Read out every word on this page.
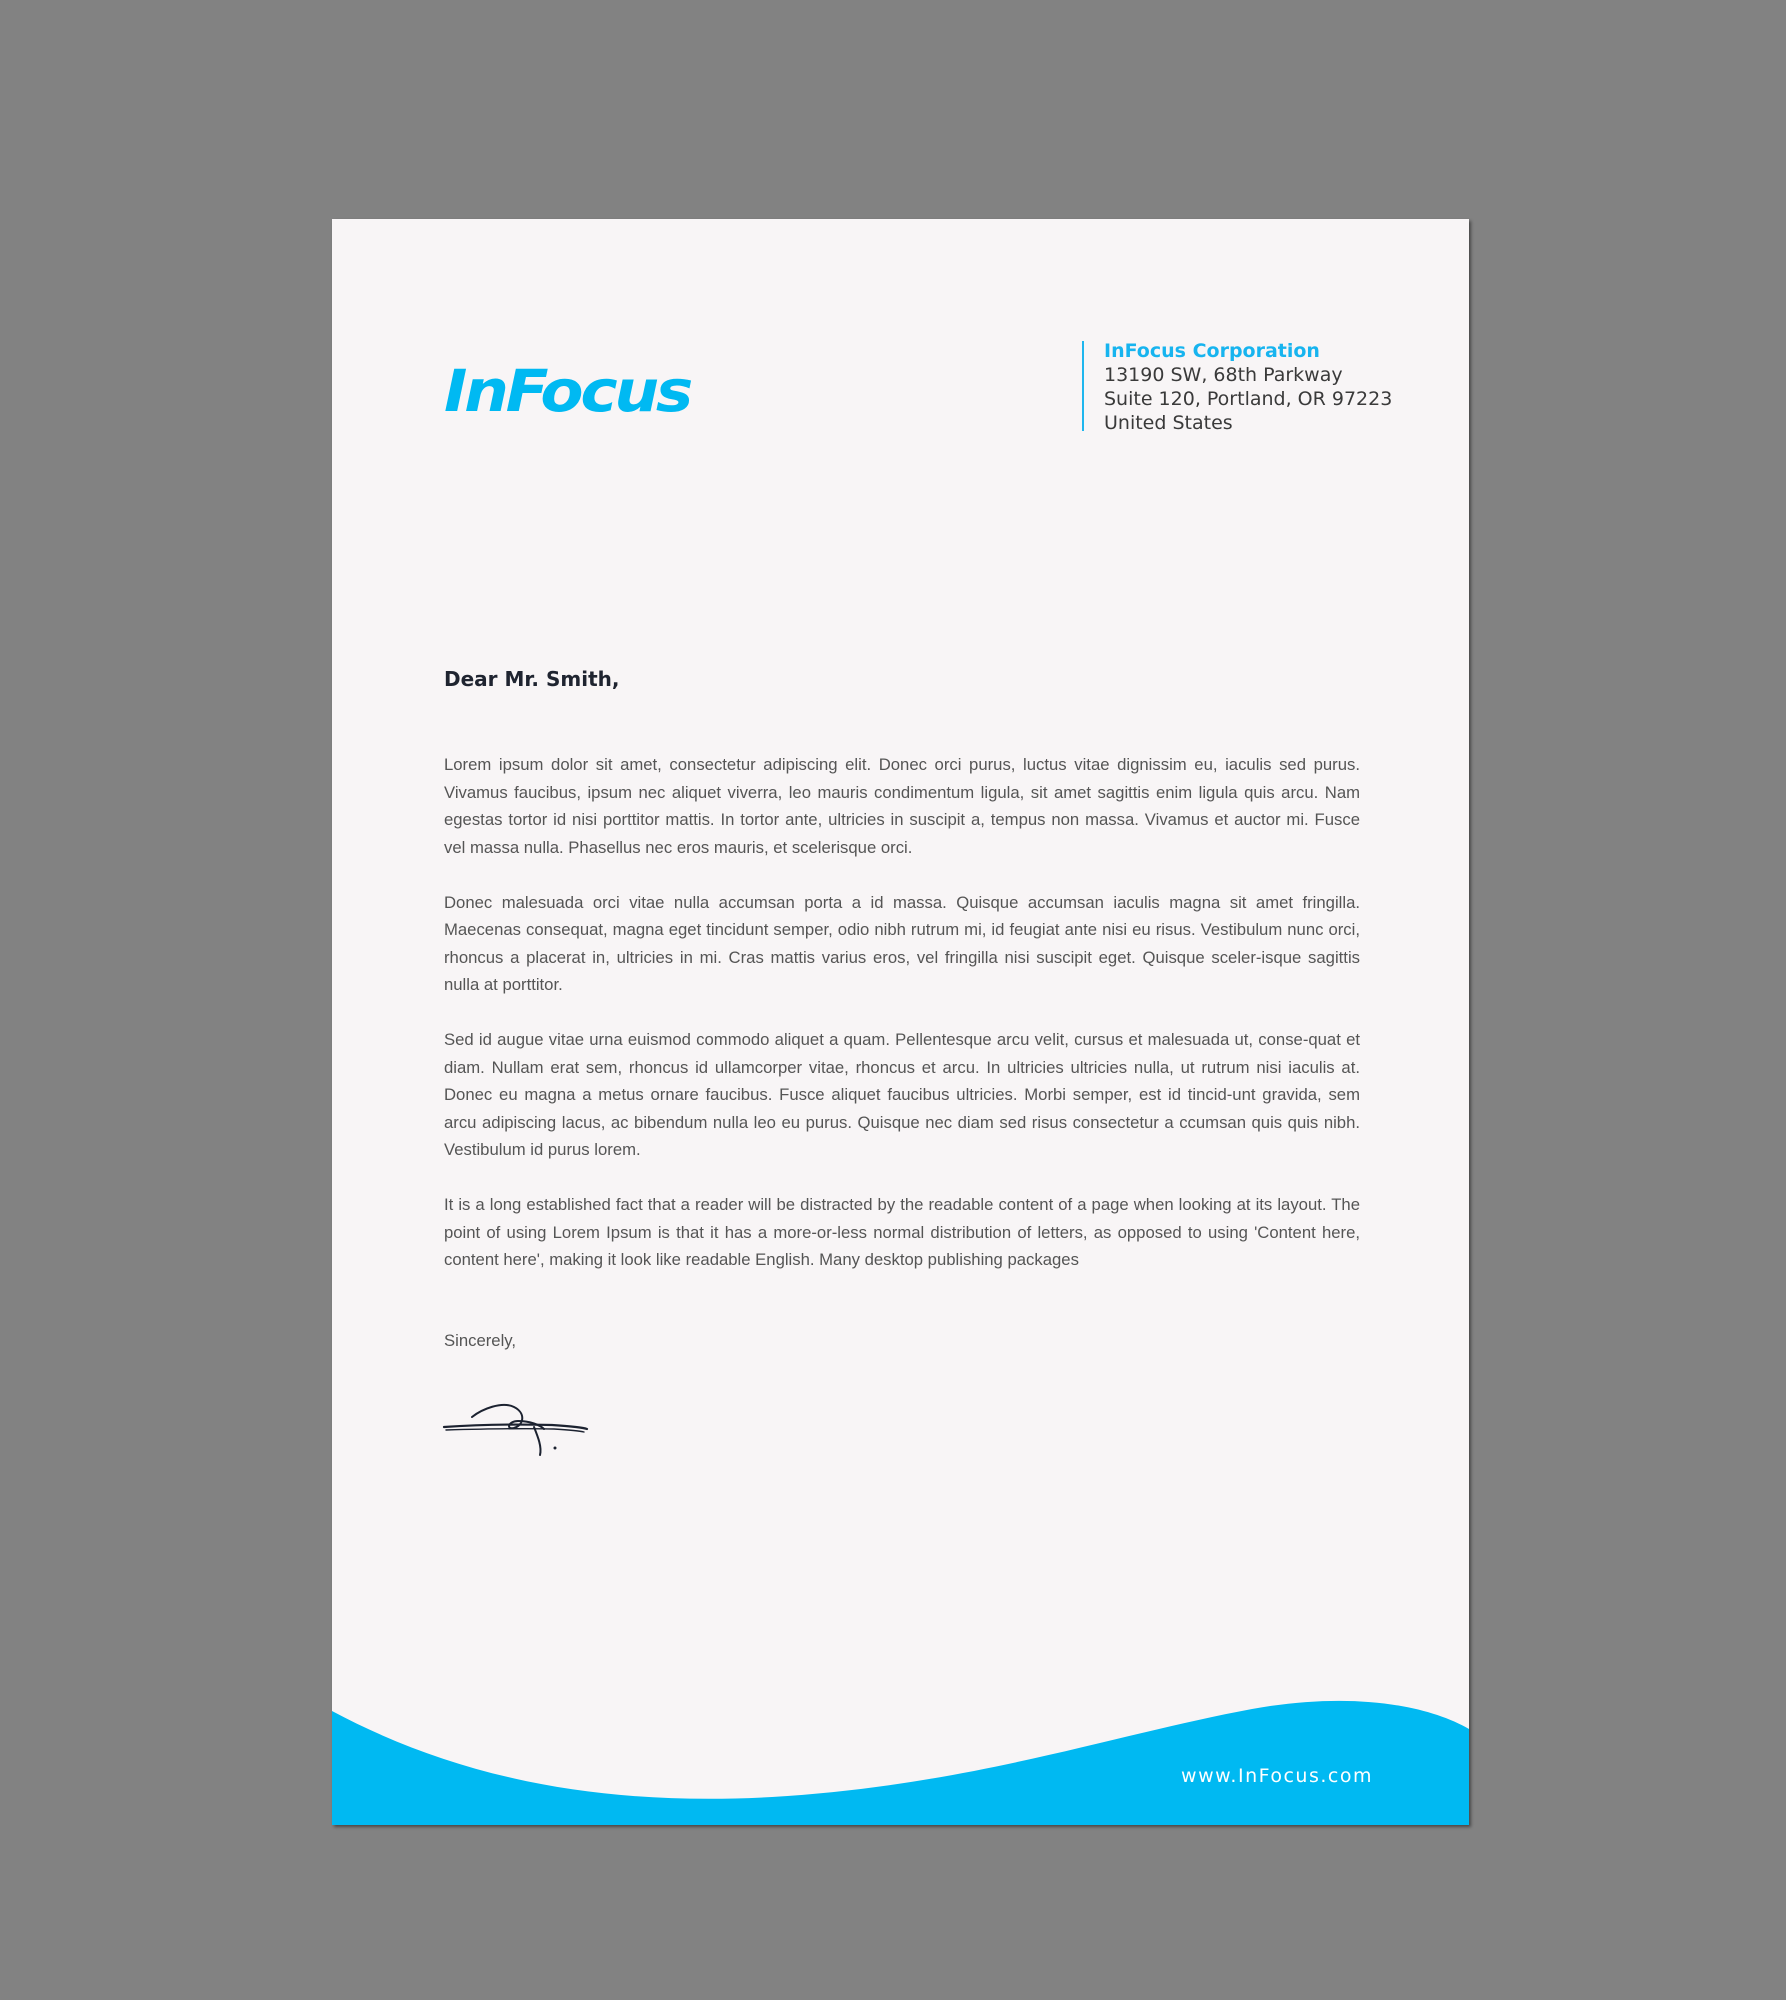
InFocus
InFocus Corporation
13190 SW, 68th Parkway
Suite 120, Portland, OR 97223
United States
Dear Mr. Smith,

Lorem ipsum dolor sit amet, consectetur adipiscing elit. Donec orci purus, luctus vitae dignissim eu, iaculis sed purus. Vivamus faucibus, ipsum nec aliquet viverra, leo mauris condimentum ligula, sit amet sagittis enim ligula quis arcu. Nam egestas tortor id nisi porttitor mattis. In tortor ante, ultricies in suscipit a, tempus non massa. Vivamus et auctor mi. Fusce vel massa nulla. Phasellus nec eros mauris, et scelerisque orci.

Donec malesuada orci vitae nulla accumsan porta a id massa. Quisque accumsan iaculis magna sit amet fringilla. Maecenas consequat, magna eget tincidunt semper, odio nibh rutrum mi, id feugiat ante nisi eu risus. Vestibulum nunc orci, rhoncus a placerat in, ultricies in mi. Cras mattis varius eros, vel fringilla nisi suscipit eget. Quisque sceler-isque sagittis nulla at porttitor.

Sed id augue vitae urna euismod commodo aliquet a quam. Pellentesque arcu velit, cursus et malesuada ut, conse-quat et diam. Nullam erat sem, rhoncus id ullamcorper vitae, rhoncus et arcu. In ultricies ultricies nulla, ut rutrum nisi iaculis at. Donec eu magna a metus ornare faucibus. Fusce aliquet faucibus ultricies. Morbi semper, est id tincid-unt gravida, sem arcu adipiscing lacus, ac bibendum nulla leo eu purus. Quisque nec diam sed risus consectetur a ccumsan quis quis nibh. Vestibulum id purus lorem.

It is a long established fact that a reader will be distracted by the readable content of a page when looking at its layout. The point of using Lorem Ipsum is that it has a more-or-less normal distribution of letters, as opposed to using 'Content here, content here', making it look like readable English. Many desktop publishing packages

Sincerely,
www.InFocus.com
